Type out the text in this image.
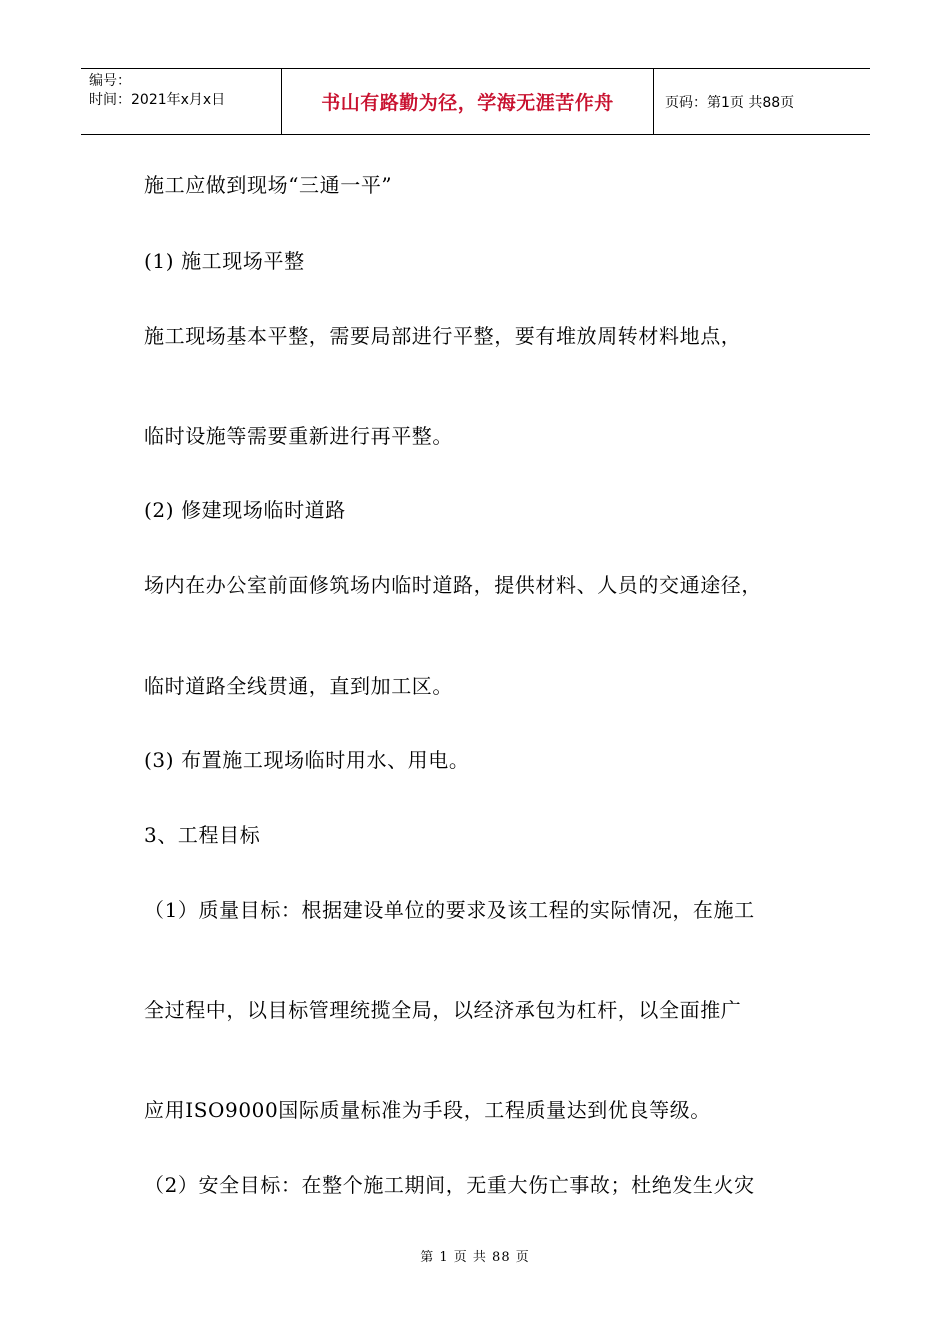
编号：
时间：2021年x月x日	书山有路勤为径，学海无涯苦作舟	页码：第1页 共88页
施工应做到现场“三通一平”
(1) 施工现场平整
施工现场基本平整，需要局部进行平整，要有堆放周转材料地点，
临时设施等需要重新进行再平整。
(2) 修建现场临时道路
场内在办公室前面修筑场内临时道路，提供材料、人员的交通途径，
临时道路全线贯通，直到加工区。
(3) 布置施工现场临时用水、用电。
3、工程目标
（1）质量目标：根据建设单位的要求及该工程的实际情况，在施工
全过程中，以目标管理统揽全局，以经济承包为杠杆，以全面推广
应用ISO9000国际质量标准为手段，工程质量达到优良等级。
（2）安全目标：在整个施工期间，无重大伤亡事故；杜绝发生火灾
第 1 页 共 88 页
